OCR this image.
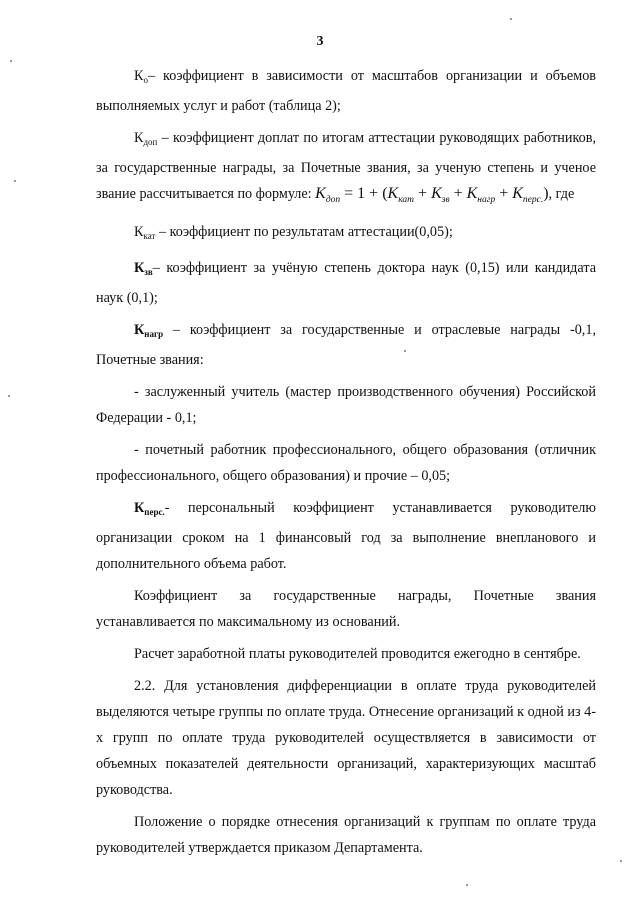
3

$К_о-$ коэффициент в зависимости от масштабов организации и объемов выполняемых услуг и работ (таблица 2);

$К_{доп}$ – коэффициент доплат по итогам аттестации руководящих работников, за государственные награды, за Почетные звания, за ученую степень и ученое звание рассчитывается по формуле: $K_{доп} = 1 + (K_{кат} + K_{зв} + K_{нагр} + K_{перс.})$, где

$К_{кат}$ – коэффициент по результатам аттестации(0,05);

$К_{зв}-$ коэффициент за учёную степень доктора наук (0,15) или кандидата наук (0,1);

$К_{нагр}$ – коэффициент за государственные и отраслевые награды -0,1, Почетные звания:

- заслуженный учитель (мастер производственного обучения) Российской Федерации - 0,1;

- почетный работник профессионального, общего образования (отличник профессионального, общего образования) и прочие – 0,05;

$К_{перс.}-$ персональный коэффициент устанавливается руководителю организации сроком на 1 финансовый год за выполнение внепланового и дополнительного объема работ.

Коэффициент за государственные награды, Почетные звания устанавливается по максимальному из оснований.

Расчет заработной платы руководителей проводится ежегодно в сентябре.

2.2. Для установления дифференциации в оплате труда руководителей выделяются четыре группы по оплате труда. Отнесение организаций к одной из 4-х групп по оплате труда руководителей осуществляется в зависимости от объемных показателей деятельности организаций, характеризующих масштаб руководства.

Положение о порядке отнесения организаций к группам по оплате труда руководителей утверждается приказом Департамента.
